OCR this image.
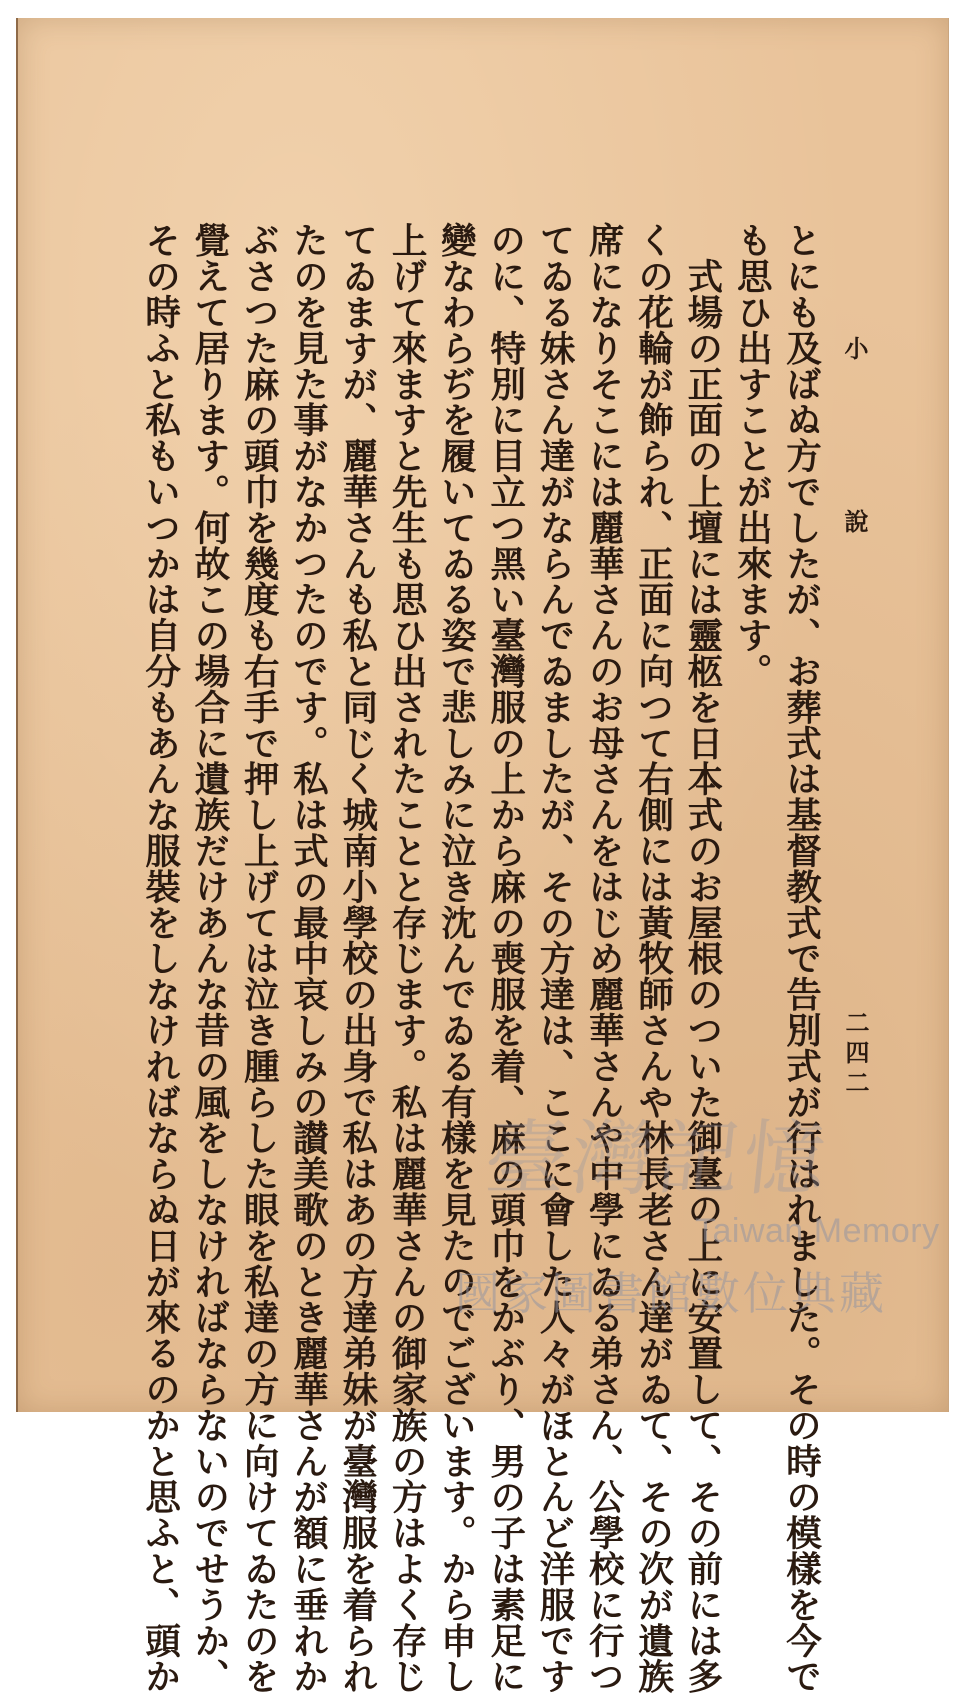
小 說
二四二
とにも及ばぬ方でしたが、お葬式は基督教式で告別式が行はれました。その時の模樣を今で
も思ひ出すことが出來ます。
　式場の正面の上壇には靈柩を日本式のお屋根のついた御臺の上に安置して、その前には多
くの花輪が飾られ、正面に向つて右側には黃牧師さんや林長老さん達がゐて、その次が遺族
席になりそこには麗華さんのお母さんをはじめ麗華さんや中學にゐる弟さん、公學校に行つ
てゐる妹さん達がならんでゐましたが、その方達は、ここに會した人々がほとんど洋服です
のに、特別に目立つ黑い臺灣服の上から麻の喪服を着、麻の頭巾をかぶり、男の子は素足に
變なわらぢを履いてゐる姿で悲しみに泣き沈んでゐる有樣を見たのでございます。から申し
上げて來ますと先生も思ひ出されたことと存じます。私は麗華さんの御家族の方はよく存じ
てゐますが、麗華さんも私と同じく城南小學校の出身で私はあの方達弟妹が臺灣服を着られ
たのを見た事がなかつたのです。私は式の最中哀しみの讃美歌のとき麗華さんが額に垂れか
ぶさつた麻の頭巾を幾度も右手で押し上げては泣き腫らした眼を私達の方に向けてゐたのを
覺えて居ります。何故この場合に遺族だけあんな昔の風をしなければならないのでせうか、
その時ふと私もいつかは自分もあんな服裝をしなければならぬ日が來るのかと思ふと、頭か	臺灣記憶
Taiwan Memory
國家圖書館數位典藏
